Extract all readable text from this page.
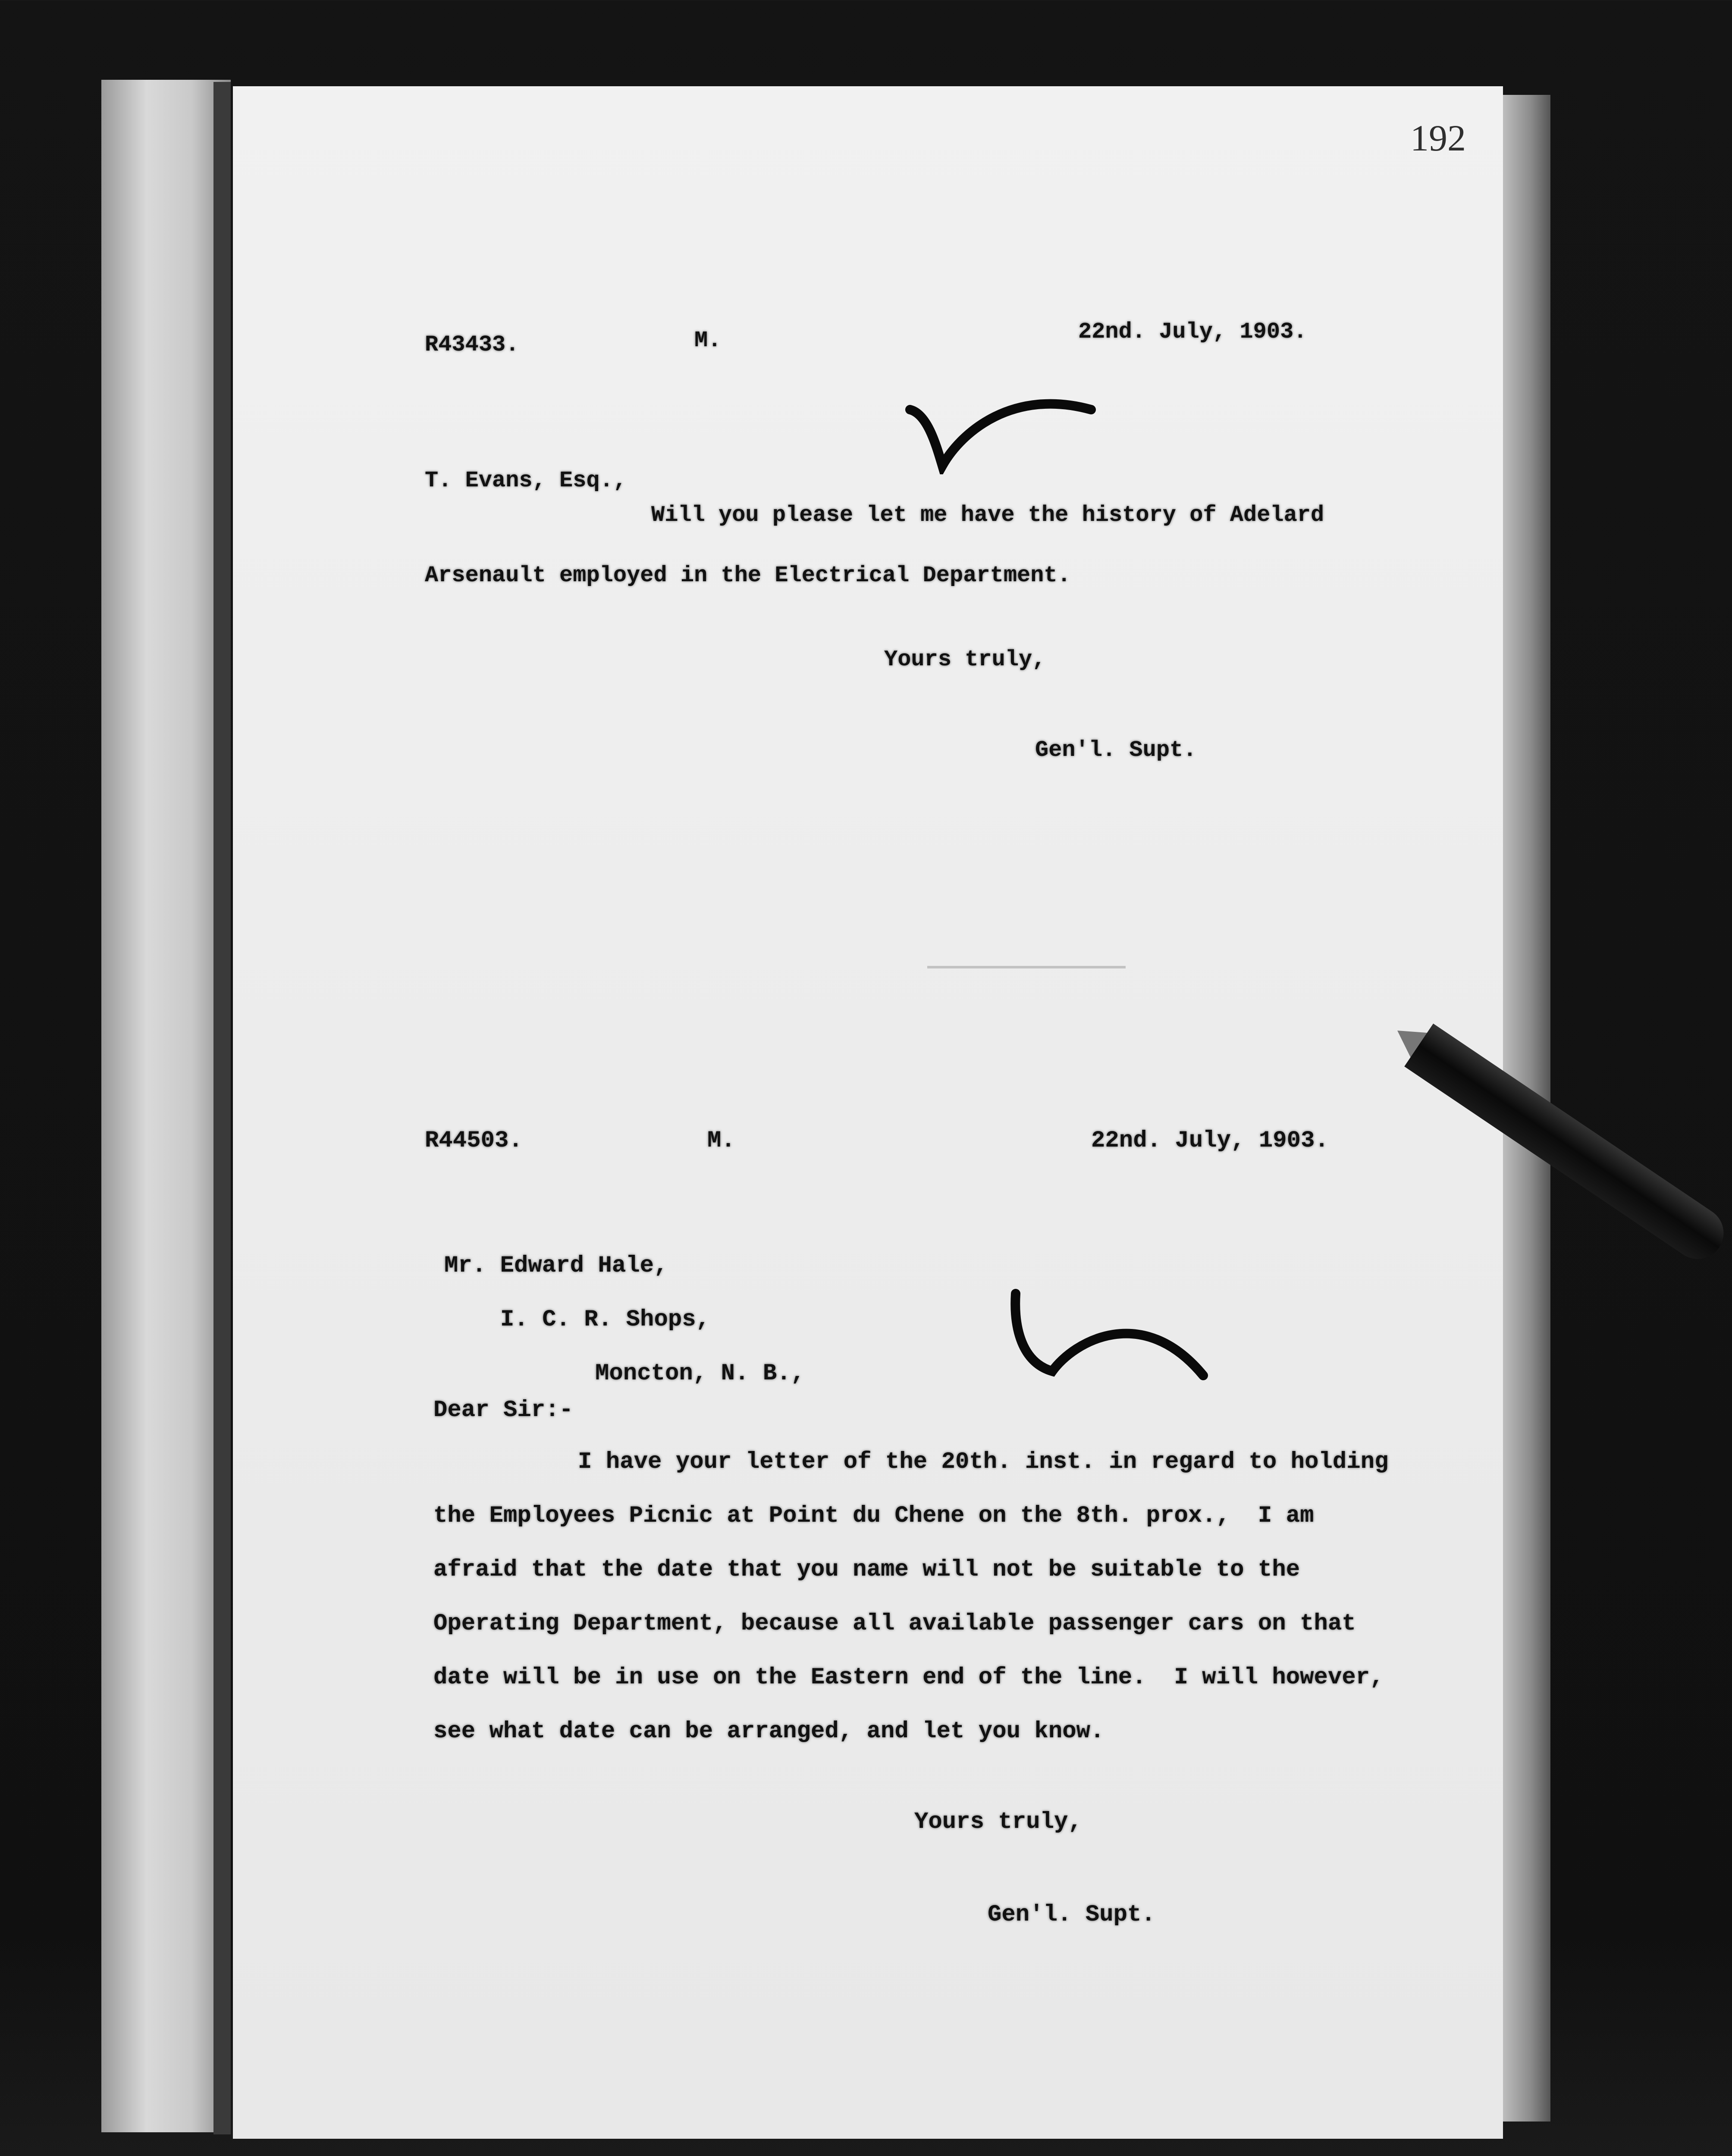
192
R43433.	M.	22nd. July, 1903.
T. Evans, Esq.,
Will you please let me have the history of Adelard
Arsenault employed in the Electrical Department.
Yours truly,
Gen'l. Supt.
R44503.	M.	22nd. July, 1903.
Mr. Edward Hale,
I. C. R. Shops,
Moncton, N. B.,
Dear Sir:-
I have your letter of the 20th. inst. in regard to holding
the Employees Picnic at Point du Chene on the 8th. prox.,  I am
afraid that the date that you name will not be suitable to the
Operating Department, because all available passenger cars on that
date will be in use on the Eastern end of the line.  I will however,
see what date can be arranged, and let you know.
Yours truly,
Gen'l. Supt.
